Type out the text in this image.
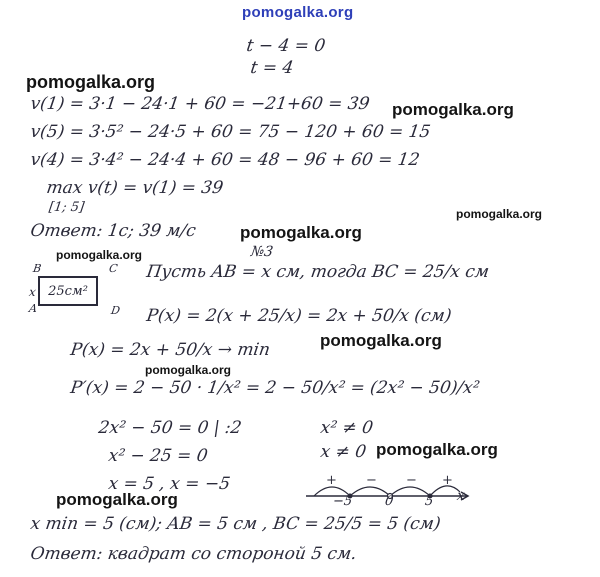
pomogalka.org
t − 4 = 0
t = 4
pomogalka.org
v(1) = 3·1 − 24·1 + 60 = −21+60 = 39 pomogalka.org
v(5) = 3·5² − 24·5 + 60 = 75 − 120 + 60 = 15
v(4) = 3·4² − 24·4 + 60 = 48 − 96 + 60 = 12
max v(t) = v(1) = 39
[1; 5]	pomogalka.org
Ответ: 1с; 39 м/с	pomogalka.org
№3
pomogalka.org
B	C
x
A	D
25см²
Пусть AB = x см, тогда BC = 25/x см
P(x) = 2(x + 25/x) = 2x + 50/x (см)
P(x) = 2x + 50/x → min	pomogalka.org
pomogalka.org
P′(x) = 2 − 50 · 1/x² = 2 − 50/x² = (2x² − 50)/x²
2x² − 50 = 0 | :2	x² ≠ 0
pomogalka.org
x² − 25 = 0	x ≠ 0
x = 5 , x = −5	+ − − +
−5 0 5 x
pomogalka.org
x min = 5 (см); AB = 5 см , BC = 25/5 = 5 (см)
Ответ: квадрат со стороной 5 см.
